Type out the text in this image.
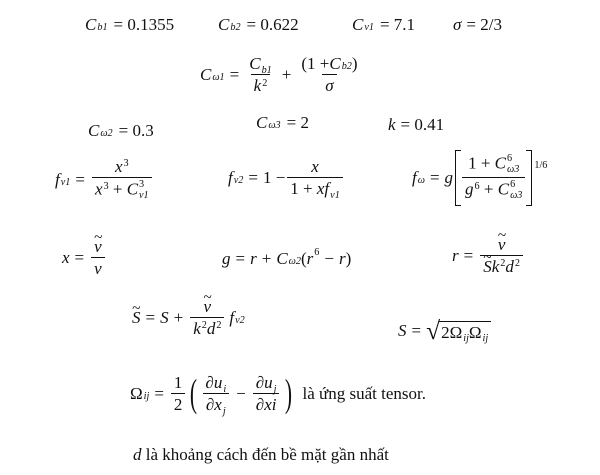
C b1 = 0.1355	C b2 = 0.622	C v1 = 7.1 σ = 2/3
C $\omega 1 = \frac{C_{b1}}{k^2} + \frac{\text{(1 + C b2 )}}{\sigma}$
C ω2 = 0.3	C ω3 = 2	k = 0.41
f $v1 = x^3$
$x^3 + C$ 3
v1	f $v2 = 1 - \frac{x}{1 + xf_{v1}}$	f ω = g 1 + C 6
ω3
$g^6 + C$ 6
ω3 1/6
x = ~ $\frac{\nu}{\nu}$	g = r + C ω2 ( r 6 − r )	r = ~ ν
~ $Sk^2d^2$
~ S = S + ~ $\frac{\nu}{k^2d^2}$ f v2
S = √ $2\Omega_{ij}\Omega_{ij}$
Ω ij = $\frac{1}{2}$ ( $\frac{\partial u_i}{\partial x_j} - \frac{\partial u_j}{\partial xi}$ ) là ứng suất tensor.
d
là khoảng cách đến bề mặt gần nhất
